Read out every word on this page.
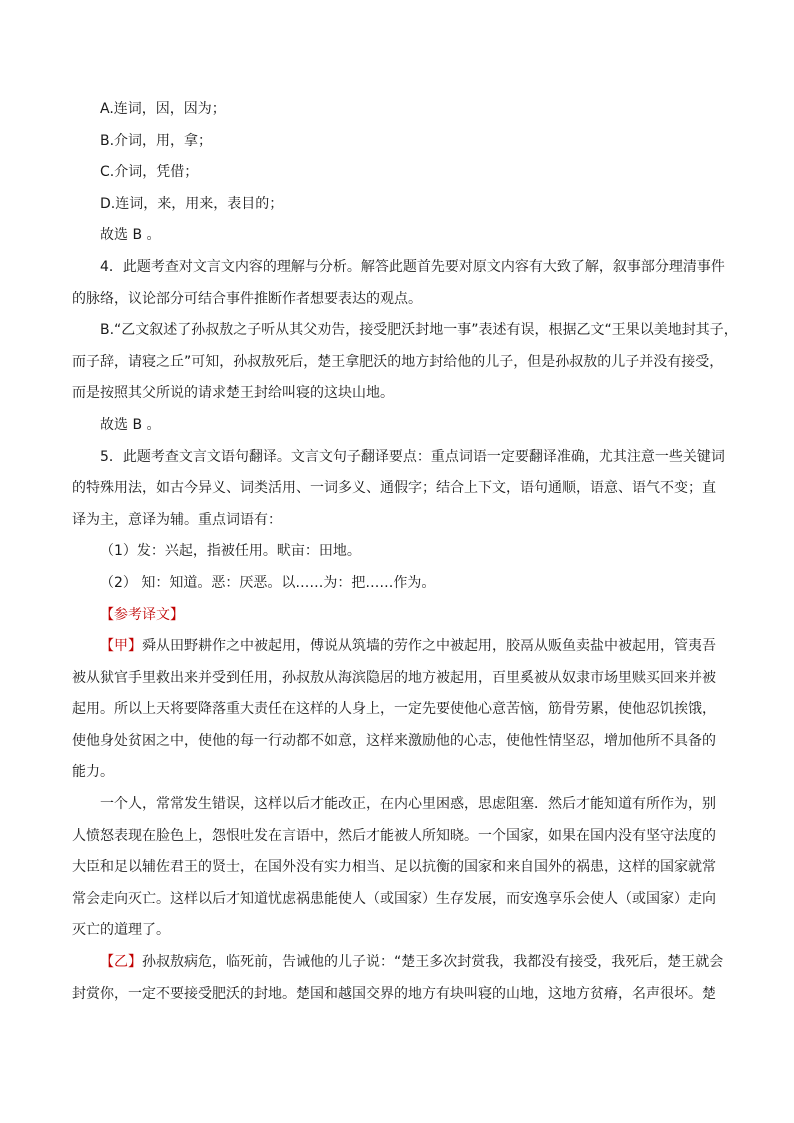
A.连词，因，因为；
B.介词，用，拿；
C.介词，凭借；
D.连词，来，用来，表目的；
故选 B 。
4．此题考查对文言文内容的理解与分析。解答此题首先要对原文内容有大致了解，叙事部分理清事件
的脉络，议论部分可结合事件推断作者想要表达的观点。
B.“乙文叙述了孙叔敖之子听从其父劝告，接受肥沃封地一事”表述有误，根据乙文“王果以美地封其子，
而子辞，请寝之丘”可知，孙叔敖死后，楚王拿肥沃的地方封给他的儿子，但是孙叔敖的儿子并没有接受，
而是按照其父所说的请求楚王封给叫寝的这块山地。
故选 B 。
5．此题考查文言文语句翻译。文言文句子翻译要点：重点词语一定要翻译准确，尤其注意一些关键词
的特殊用法，如古今异义、词类活用、一词多义、通假字；结合上下文，语句通顺，语意、语气不变；直
译为主，意译为辅。重点词语有：
（1）发：兴起，指被任用。畎亩：田地。
（2） 知：知道。恶：厌恶。以……为：把……作为。
【参考译文】
【甲】舜从田野耕作之中被起用，傅说从筑墙的劳作之中被起用，胶鬲从贩鱼卖盐中被起用，管夷吾
被从狱官手里救出来并受到任用，孙叔敖从海滨隐居的地方被起用，百里奚被从奴隶市场里赎买回来并被
起用。所以上天将要降落重大责任在这样的人身上，一定先要使他心意苦恼，筋骨劳累，使他忍饥挨饿，
使他身处贫困之中，使他的每一行动都不如意，这样来激励他的心志，使他性情坚忍，增加他所不具备的
能力。
一个人，常常发生错误，这样以后才能改正，在内心里困惑，思虑阻塞．然后才能知道有所作为，别
人愤怒表现在脸色上，怨恨吐发在言语中，然后才能被人所知晓。一个国家，如果在国内没有坚守法度的
大臣和足以辅佐君王的贤士，在国外没有实力相当、足以抗衡的国家和来自国外的祸患，这样的国家就常
常会走向灭亡。这样以后才知道忧虑祸患能使人（或国家）生存发展，而安逸享乐会使人（或国家）走向
灭亡的道理了。
【乙】孙叔敖病危，临死前，告诫他的儿子说：“楚王多次封赏我，我都没有接受，我死后，楚王就会
封赏你，一定不要接受肥沃的封地。楚国和越国交界的地方有块叫寝的山地，这地方贫瘠，名声很坏。楚
